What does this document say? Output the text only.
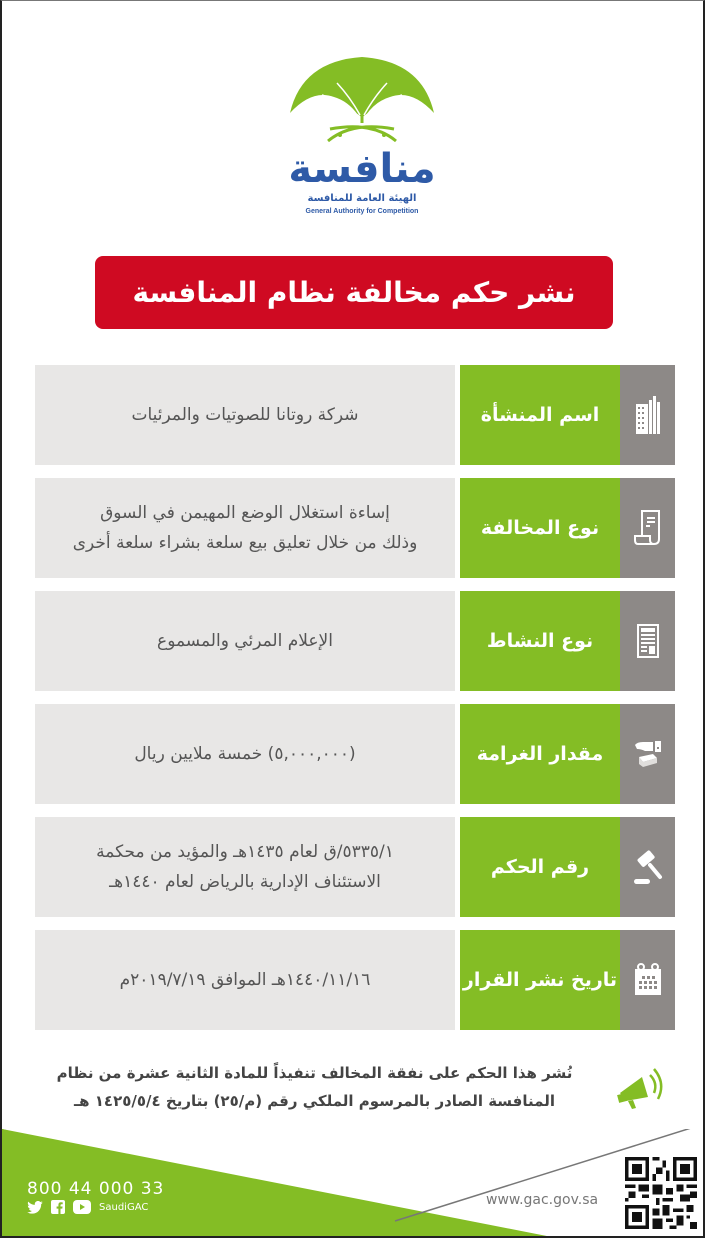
منافسة
الهيئة العامة للمنافسة
General Authority for Competition
نشر حكم مخالفة نظام المنافسة
شركة روتانا للصوتيات والمرئيات	اسم المنشأة
إساءة استغلال الوضع المهيمن في السوق
وذلك من خلال تعليق بيع سلعة بشراء سلعة أخرى
نوع المخالفة
الإعلام المرئي والمسموع	نوع النشاط
(٥,٠٠٠,٠٠٠) خمسة ملايين ريال	مقدار الغرامة
٥٣٣٥/١/ق لعام ١٤٣٥هـ والمؤيد من محكمة
الاستئناف الإدارية بالرياض لعام ١٤٤٠هـ
رقم الحكم
١٤٤٠/١١/١٦هـ الموافق ٢٠١٩/٧/١٩م	تاريخ نشر القرار
نُشر هذا الحكم على نفقة المخالف تنفيذاً للمادة الثانية عشرة من نظام
المنافسة الصادر بالمرسوم الملكي رقم (م/٢٥) بتاريخ ١٤٢٥/٥/٤ هـ
800 44 000 33
SaudiGAC	www.gac.gov.sa
